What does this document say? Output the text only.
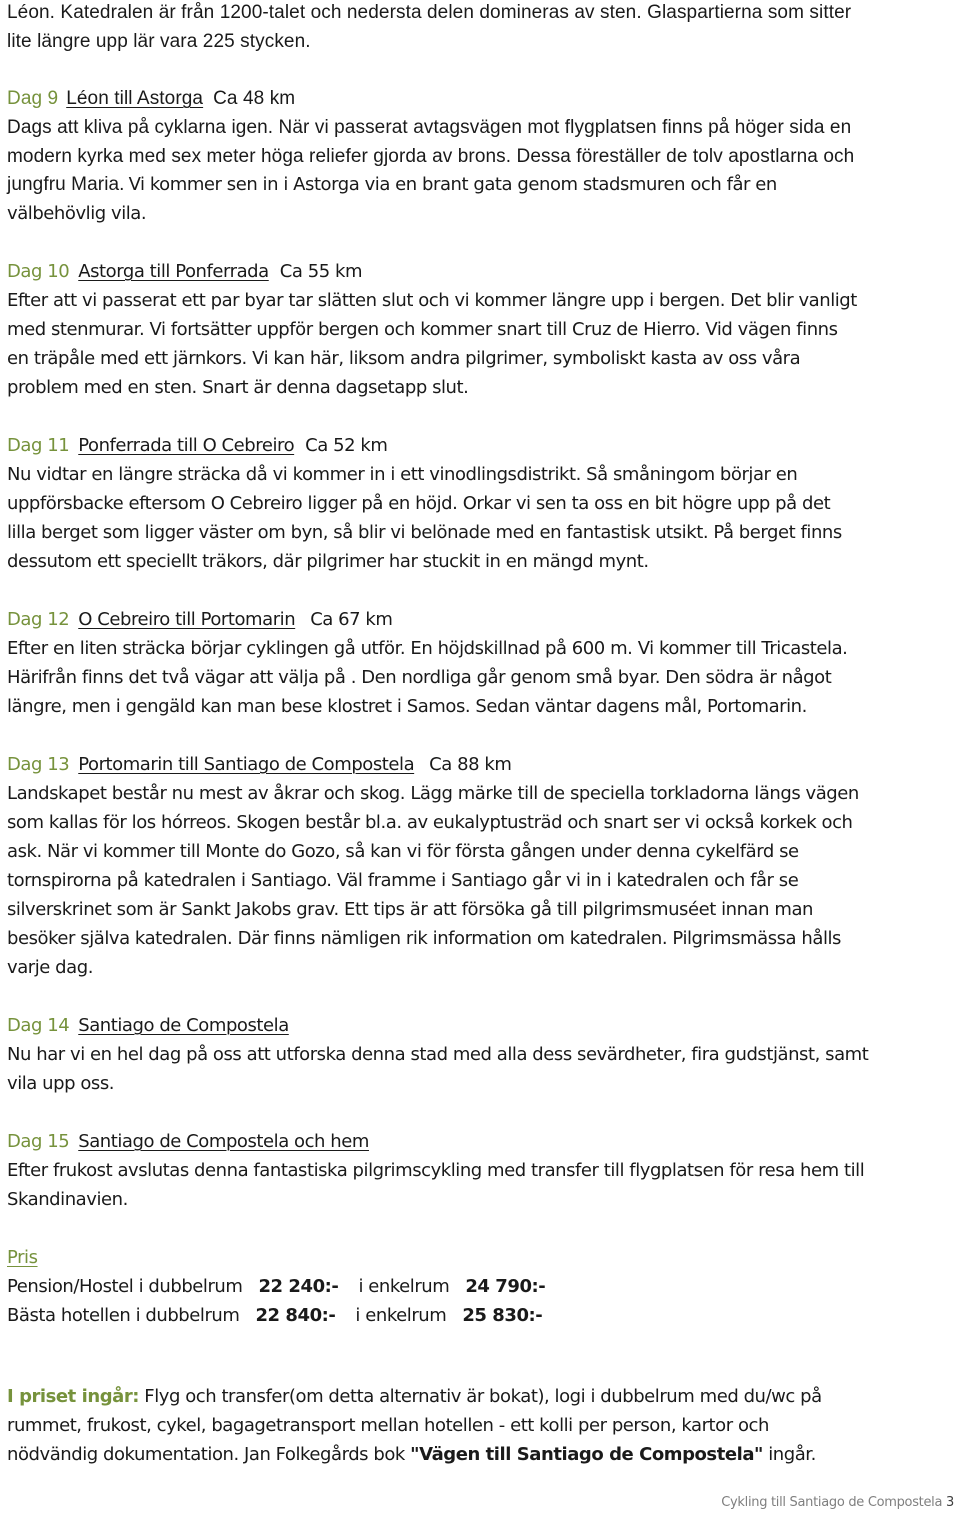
Léon. Katedralen är från 1200-talet och nedersta delen domineras av sten. Glaspartierna som sitter
lite längre upp lär vara 225 stycken.
Dag 9 Léon till Astorga Ca 48 km
Dags att kliva på cyklarna igen. När vi passerat avtagsvägen mot flygplatsen finns på höger sida en
modern kyrka med sex meter höga reliefer gjorda av brons. Dessa föreställer de tolv apostlarna och
jungfru Maria. Vi kommer sen in i Astorga via en brant gata genom stadsmuren och får en
välbehövlig vila.
Dag 10 Astorga till Ponferrada Ca 55 km
Efter att vi passerat ett par byar tar slätten slut och vi kommer längre upp i bergen. Det blir vanligt
med stenmurar. Vi fortsätter uppför bergen och kommer snart till Cruz de Hierro. Vid vägen finns
en träpåle med ett järnkors. Vi kan här, liksom andra pilgrimer, symboliskt kasta av oss våra
problem med en sten. Snart är denna dagsetapp slut.
Dag 11 Ponferrada till O Cebreiro Ca 52 km
Nu vidtar en längre sträcka då vi kommer in i ett vinodlingsdistrikt. Så småningom börjar en
uppförsbacke eftersom O Cebreiro ligger på en höjd. Orkar vi sen ta oss en bit högre upp på det
lilla berget som ligger väster om byn, så blir vi belönade med en fantastisk utsikt. På berget finns
dessutom ett speciellt träkors, där pilgrimer har stuckit in en mängd mynt.
Dag 12 O Cebreiro till Portomarin Ca 67 km
Efter en liten sträcka börjar cyklingen gå utför. En höjdskillnad på 600 m. Vi kommer till Tricastela.
Härifrån finns det två vägar att välja på . Den nordliga går genom små byar. Den södra är något
längre, men i gengäld kan man bese klostret i Samos. Sedan väntar dagens mål, Portomarin.
Dag 13 Portomarin till Santiago de Compostela Ca 88 km
Landskapet består nu mest av åkrar och skog. Lägg märke till de speciella torkladorna längs vägen
som kallas för los hórreos. Skogen består bl.a. av eukalyptusträd och snart ser vi också korkek och
ask. När vi kommer till Monte do Gozo, så kan vi för första gången under denna cykelfärd se
tornspirorna på katedralen i Santiago. Väl framme i Santiago går vi in i katedralen och får se
silverskrinet som är Sankt Jakobs grav. Ett tips är att försöka gå till pilgrimsmuséet innan man
besöker själva katedralen. Där finns nämligen rik information om katedralen. Pilgrimsmässa hålls
varje dag.
Dag 14 Santiago de Compostela
Nu har vi en hel dag på oss att utforska denna stad med alla dess sevärdheter, fira gudstjänst, samt
vila upp oss.
Dag 15 Santiago de Compostela och hem
Efter frukost avslutas denna fantastiska pilgrimscykling med transfer till flygplatsen för resa hem till
Skandinavien.
Pris
Pension/Hostel i dubbelrum 22 240:- i enkelrum 24 790:-
Bästa hotellen i dubbelrum 22 840:- i enkelrum 25 830:-
I priset ingår: Flyg och transfer(om detta alternativ är bokat), logi i dubbelrum med du/wc på
rummet, frukost, cykel, bagagetransport mellan hotellen - ett kolli per person, kartor och
nödvändig dokumentation. Jan Folkegårds bok "Vägen till Santiago de Compostela" ingår.
Cykling till Santiago de Compostela 3
